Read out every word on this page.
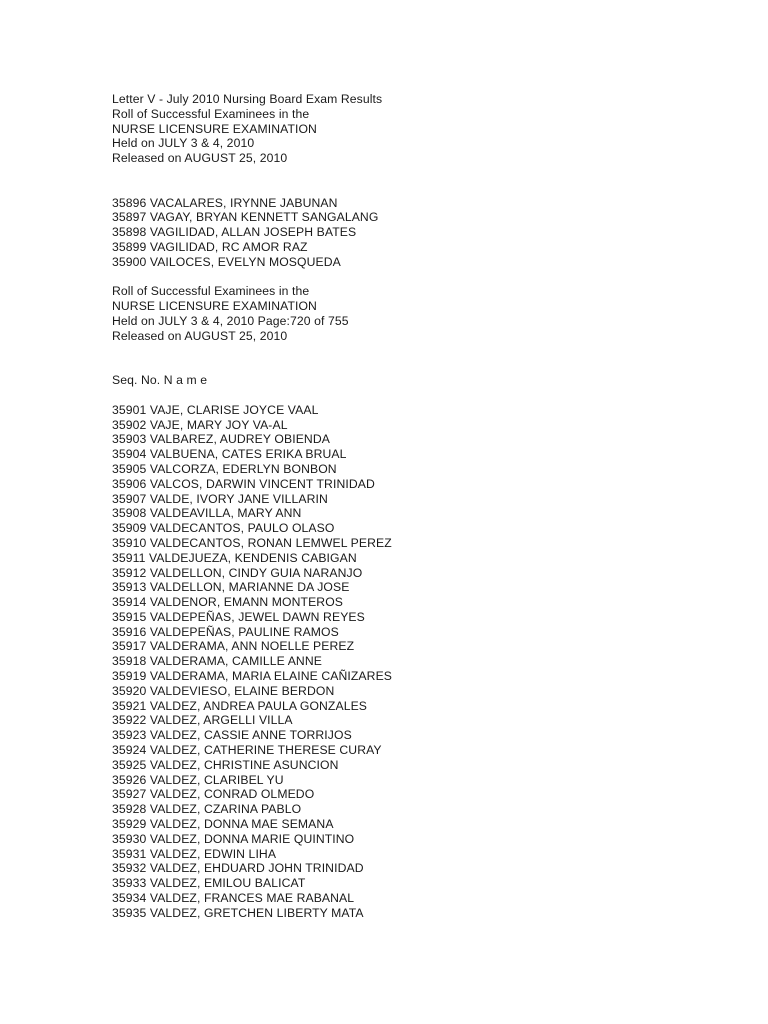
Letter V - July 2010 Nursing Board Exam Results
Roll of Successful Examinees in the
NURSE LICENSURE EXAMINATION
Held on JULY 3 & 4, 2010
Released on AUGUST 25, 2010
35896 VACALARES, IRYNNE JABUNAN
35897 VAGAY, BRYAN KENNETT SANGALANG
35898 VAGILIDAD, ALLAN JOSEPH BATES
35899 VAGILIDAD, RC AMOR RAZ
35900 VAILOCES, EVELYN MOSQUEDA
Roll of Successful Examinees in the
NURSE LICENSURE EXAMINATION
Held on JULY 3 & 4, 2010 Page:720 of 755
Released on AUGUST 25, 2010
Seq. No. N a m e
35901 VAJE, CLARISE JOYCE VAAL
35902 VAJE, MARY JOY VA-AL
35903 VALBAREZ, AUDREY OBIENDA
35904 VALBUENA, CATES ERIKA BRUAL
35905 VALCORZA, EDERLYN BONBON
35906 VALCOS, DARWIN VINCENT TRINIDAD
35907 VALDE, IVORY JANE VILLARIN
35908 VALDEAVILLA, MARY ANN
35909 VALDECANTOS, PAULO OLASO
35910 VALDECANTOS, RONAN LEMWEL PEREZ
35911 VALDEJUEZA, KENDENIS CABIGAN
35912 VALDELLON, CINDY GUIA NARANJO
35913 VALDELLON, MARIANNE DA JOSE
35914 VALDENOR, EMANN MONTEROS
35915 VALDEPEÑAS, JEWEL DAWN REYES
35916 VALDEPEÑAS, PAULINE RAMOS
35917 VALDERAMA, ANN NOELLE PEREZ
35918 VALDERAMA, CAMILLE ANNE
35919 VALDERAMA, MARIA ELAINE CAÑIZARES
35920 VALDEVIESO, ELAINE BERDON
35921 VALDEZ, ANDREA PAULA GONZALES
35922 VALDEZ, ARGELLI VILLA
35923 VALDEZ, CASSIE ANNE TORRIJOS
35924 VALDEZ, CATHERINE THERESE CURAY
35925 VALDEZ, CHRISTINE ASUNCION
35926 VALDEZ, CLARIBEL YU
35927 VALDEZ, CONRAD OLMEDO
35928 VALDEZ, CZARINA PABLO
35929 VALDEZ, DONNA MAE SEMANA
35930 VALDEZ, DONNA MARIE QUINTINO
35931 VALDEZ, EDWIN LIHA
35932 VALDEZ, EHDUARD JOHN TRINIDAD
35933 VALDEZ, EMILOU BALICAT
35934 VALDEZ, FRANCES MAE RABANAL
35935 VALDEZ, GRETCHEN LIBERTY MATA
